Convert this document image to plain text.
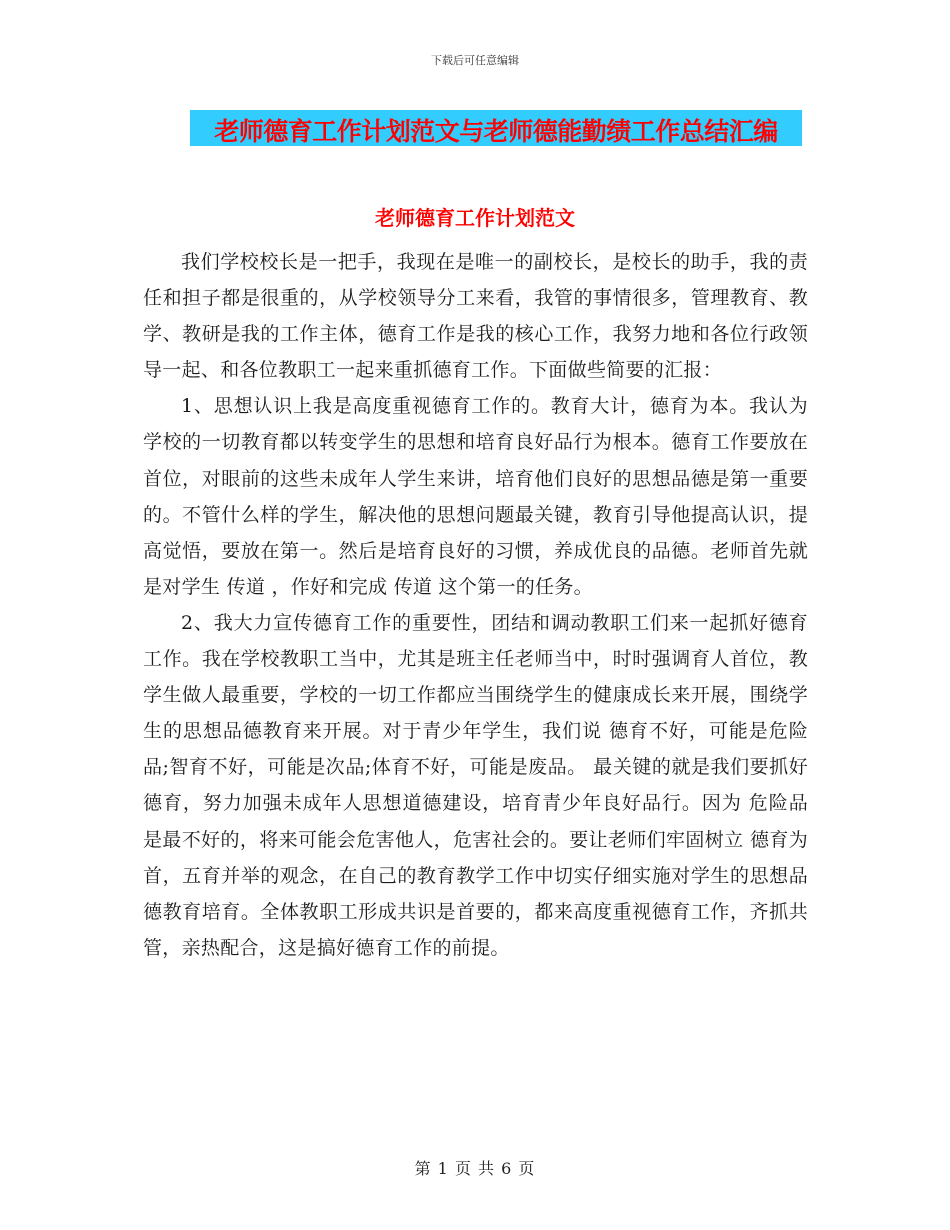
下载后可任意编辑
老师德育工作计划范文与老师德能勤绩工作总结汇编
老师德育工作计划范文

我们学校校长是一把手，我现在是唯一的副校长，是校长的助手，我的责任和担子都是很重的，从学校领导分工来看，我管的事情很多，管理教育、教学、教研是我的工作主体，德育工作是我的核心工作，我努力地和各位行政领导一起、和各位教职工一起来重抓德育工作。下面做些简要的汇报：

1、思想认识上我是高度重视德育工作的。教育大计，德育为本。我认为学校的一切教育都以转变学生的思想和培育良好品行为根本。德育工作要放在首位，对眼前的这些未成年人学生来讲，培育他们良好的思想品德是第一重要的。不管什么样的学生，解决他的思想问题最关键，教育引导他提高认识，提高觉悟，要放在第一。然后是培育良好的习惯，养成优良的品德。老师首先就是对学生 传道 ，作好和完成 传道 这个第一的任务。

2、我大力宣传德育工作的重要性，团结和调动教职工们来一起抓好德育工作。我在学校教职工当中，尤其是班主任老师当中，时时强调育人首位，教学生做人最重要，学校的一切工作都应当围绕学生的健康成长来开展，围绕学生的思想品德教育来开展。对于青少年学生，我们说 德育不好，可能是危险品;智育不好，可能是次品;体育不好，可能是废品。 最关键的就是我们要抓好德育，努力加强未成年人思想道德建设，培育青少年良好品行。因为 危险品 是最不好的，将来可能会危害他人，危害社会的。要让老师们牢固树立 德育为首，五育并举的观念，在自己的教育教学工作中切实仔细实施对学生的思想品德教育培育。全体教职工形成共识是首要的，都来高度重视德育工作，齐抓共管，亲热配合，这是搞好德育工作的前提。

第 1 页 共 6 页
